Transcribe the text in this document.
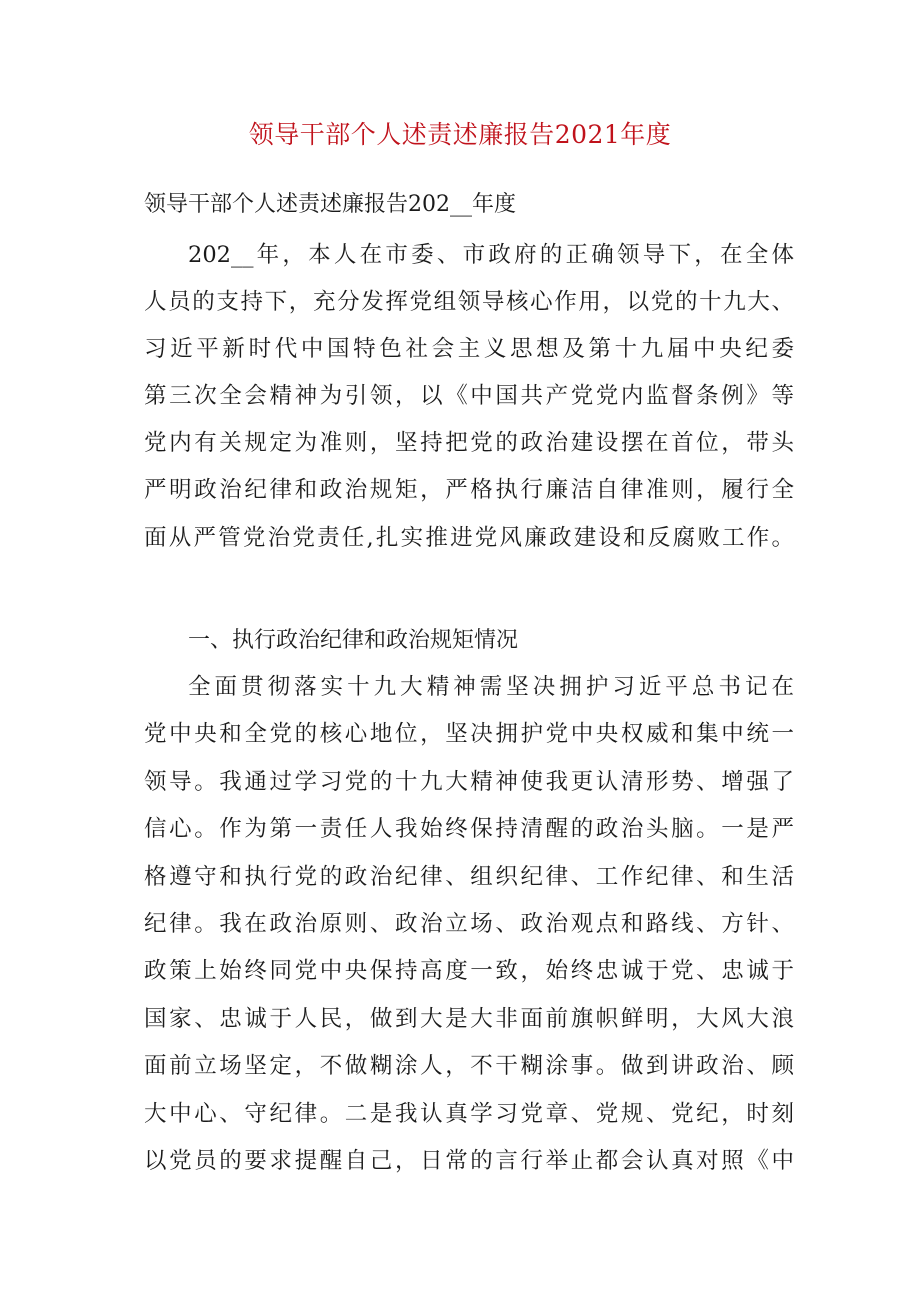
领导干部个人述责述廉报告2021年度
领导干部个人述责述廉报告202__年度
202__年，本人在市委、市政府的正确领导下，在全体
人员的支持下，充分发挥党组领导核心作用，以党的十九大、
习近平新时代中国特色社会主义思想及第十九届中央纪委
第三次全会精神为引领，以《中国共产党党内监督条例》等
党内有关规定为准则，坚持把党的政治建设摆在首位，带头
严明政治纪律和政治规矩，严格执行廉洁自律准则，履行全
面从严管党治党责任,扎实推进党风廉政建设和反腐败工作。
一、执行政治纪律和政治规矩情况
全面贯彻落实十九大精神需坚决拥护习近平总书记在
党中央和全党的核心地位，坚决拥护党中央权威和集中统一
领导。我通过学习党的十九大精神使我更认清形势、增强了
信心。作为第一责任人我始终保持清醒的政治头脑。一是严
格遵守和执行党的政治纪律、组织纪律、工作纪律、和生活
纪律。我在政治原则、政治立场、政治观点和路线、方针、
政策上始终同党中央保持高度一致，始终忠诚于党、忠诚于
国家、忠诚于人民，做到大是大非面前旗帜鲜明，大风大浪
面前立场坚定，不做糊涂人，不干糊涂事。做到讲政治、顾
大中心、守纪律。二是我认真学习党章、党规、党纪，时刻
以党员的要求提醒自己，日常的言行举止都会认真对照《中
